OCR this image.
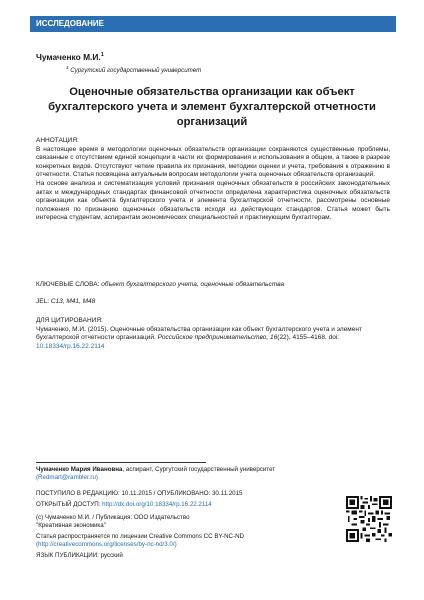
ИССЛЕДОВАНИЕ
Чумаченко М.И.$^1$
$^1$ Сургутский государственный университет
Оценочные обязательства организации как объект бухгалтерского учета и элемент бухгалтерской отчетности организаций
АННОТАЦИЯ:
В настоящее время в методологии оценочных обязательств организации сохраняются существенные проблемы, связанные с отсутствием единой концепции в части их формирования и использования в общем, а также в разрезе конкретных видов. Отсутствуют четкие правила их признания, методики оценки и учета, требования к отражению в отчетности. Статья посвящена актуальным вопросам методологии учета оценочных обязательств организаций.
На основе анализа и систематизация условий признания оценочных обязательств в российских законодательных актах и международных стандартах финансовой отчетности определена характеристика оценочных обязательств организации как объекта бухгалтерского учета и элемента бухгалтерской отчетности, рассмотрены основные положения по признанию оценочных обязательств исходя из действующих стандартов. Статья может быть интересна студентам, аспирантам экономических специальностей и практикующим бухгалтерам.
КЛЮЧЕВЫЕ СЛОВА: объект бухгалтерского учета, оценочные обязательства
JEL: C13, M41, M48
ДЛЯ ЦИТИРОВАНИЯ:
Чумаченко, М.И. (2015). Оценочные обязательства организации как объект бухгалтерского учета и элемент бухгалтерской отчетности организаций. Российское предпринимательство, 16(22), 4155–4168. doi: 10.18334/rp.16.22.2114
Чумаченко Мария Ивановна, аспирант, Сургутский государственный университет
(Redmart@rambler.ru)
ПОСТУПИЛО В РЕДАКЦИЮ: 10.11.2015 / ОПУБЛИКОВАНО: 30.11.2015
ОТКРЫТЫЙ ДОСТУП: http://dx.doi.org/10.18334/rp.16.22.2114
(c) Чумаченко М.И. / Публикация: ООО Издательство
"Креативная экономика"
Статья распространяется по лицензии Creative Commons CC BY-NC-ND
(http://creativecommons.org/licenses/by-nc-nd/3.0/)
ЯЗЫК ПУБЛИКАЦИИ: русский
